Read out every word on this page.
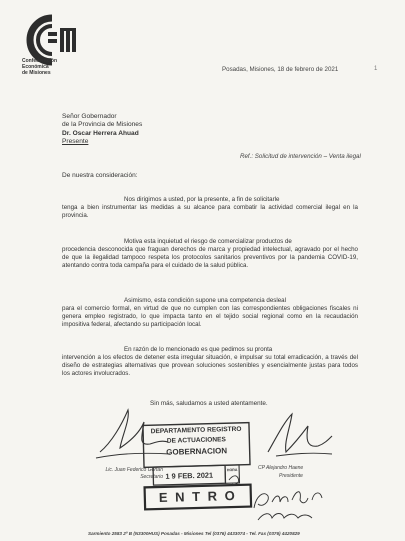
Confederación
Económica
de Misiones	Posadas, Misiones, 18 de febrero de 2021	1
Señor Gobernador
de la Provincia de Misiones
Dr. Oscar Herrera Ahuad
Presente
Ref.: Solicitud de intervención – Venta ilegal
De nuestra consideración:
Nos dirigimos a usted, por la presente, a fin de solicitarle
tenga a bien instrumentar las medidas a su alcance para combatir la actividad comercial ilegal en la provincia.
Motiva esta inquietud el riesgo de comercializar productos de
procedencia desconocida que fraguan derechos de marca y propiedad intelectual, agravado por el hecho de que la ilegalidad tampoco respeta los protocolos sanitarios preventivos por la pandemia COVID-19, atentando contra toda campaña para el cuidado de la salud pública.
Asimismo, esta condición supone una competencia desleal
para el comercio formal, en virtud de que no cumplen con las correspondientes obligaciones fiscales ni genera empleo registrado, lo que impacta tanto en el tejido social regional como en la recaudación impositiva federal, afectando su participación local.
En razón de lo mencionado es que pedimos su pronta
intervención a los efectos de detener esta irregular situación, e impulsar su total erradicación, a través del diseño de estrategias alternativas que provean soluciones sostenibles y esencialmente justas para todos los actores involucrados.
Sin más, saludamos a usted atentamente.
Lic. Juan Federico Gortari
Secretario
CP Alejandro Haene
Presidente
DEPARTAMENTO REGISTRO
DE ACTUACIONES
GOBERNACION
1 9 FEB. 2021
HORA
E N T R O
Sarmiento 2583 2º B (N3300HUS) Posadas - Misiones Tel (0376) 4433074 - Tel. Fax (0376) 4420829
